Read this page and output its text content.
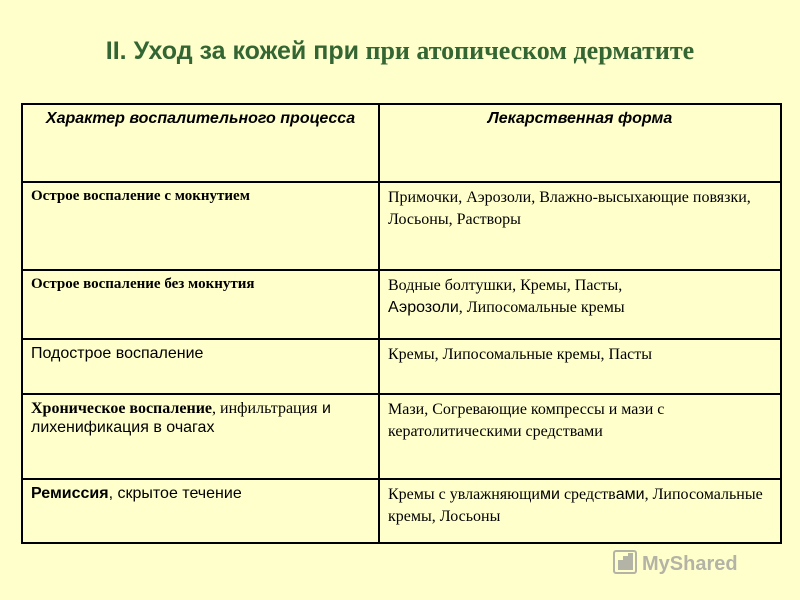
II. Уход за кожей при при атопическом дерматите
Характер воспалительного процесса	Лекарственная форма
Острое воспаление с мокнутием	Примочки, Аэрозоли, Влажно-высыхающие повязки, Лосьоны, Растворы
Острое воспаление без мокнутия	Водные болтушки, Кремы, Пасты,
Аэрозоли, Липосомальные кремы
Подострое воспаление	Кремы, Липосомальные кремы, Пасты
Хроническое воспаление, инфильтрация и лихенификация в очагах	Мази, Согревающие компрессы и мази с кератолитическими средствами
Ремиссия, скрытое течение	Кремы с увлажняющими средствами, Липосомальные кремы, Лосьоны
MyShared
